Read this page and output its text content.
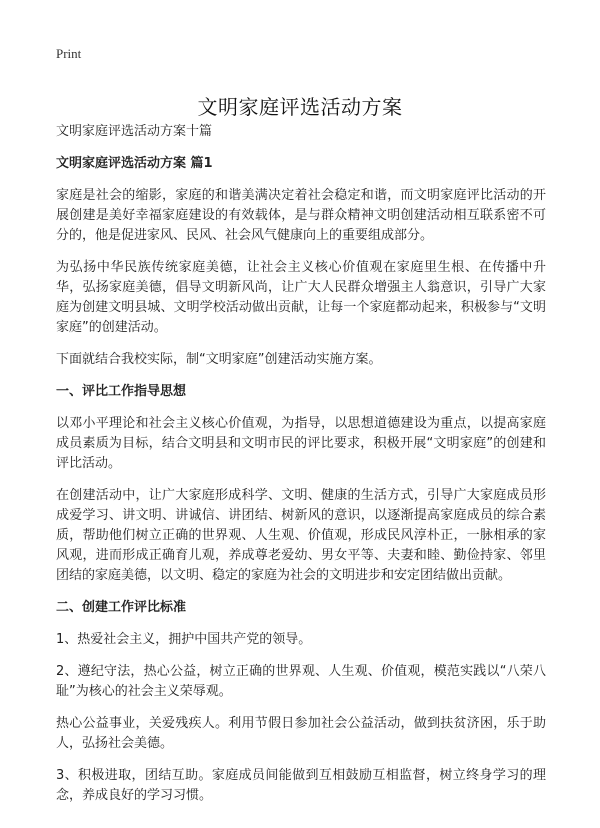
Print
文明家庭评选活动方案

文明家庭评选活动方案十篇

文明家庭评选活动方案 篇1

家庭是社会的缩影，家庭的和谐美满决定着社会稳定和谐，而文明家庭评比活动的开展创建是美好幸福家庭建设的有效载体，是与群众精神文明创建活动相互联系密不可分的，他是促进家风、民风、社会风气健康向上的重要组成部分。

为弘扬中华民族传统家庭美德，让社会主义核心价值观在家庭里生根、在传播中升华，弘扬家庭美德，倡导文明新风尚，让广大人民群众增强主人翁意识，引导广大家庭为创建文明县城、文明学校活动做出贡献，让每一个家庭都动起来，积极参与“文明家庭”的创建活动。

下面就结合我校实际，制“文明家庭”创建活动实施方案。

一、评比工作指导思想

以邓小平理论和社会主义核心价值观，为指导，以思想道德建设为重点，以提高家庭成员素质为目标，结合文明县和文明市民的评比要求，积极开展“文明家庭”的创建和评比活动。

在创建活动中，让广大家庭形成科学、文明、健康的生活方式，引导广大家庭成员形成爱学习、讲文明、讲诚信、讲团结、树新风的意识，以逐渐提高家庭成员的综合素质，帮助他们树立正确的世界观、人生观、价值观，形成民风淳朴正，一脉相承的家风观，进而形成正确育儿观，养成尊老爱幼、男女平等、夫妻和睦、勤俭持家、邻里团结的家庭美德，以文明、稳定的家庭为社会的文明进步和安定团结做出贡献。

二、创建工作评比标准

1、热爱社会主义，拥护中国共产党的领导。

2、遵纪守法，热心公益，树立正确的世界观、人生观、价值观，模范实践以“八荣八耻”为核心的社会主义荣辱观。

热心公益事业，关爱残疾人。利用节假日参加社会公益活动，做到扶贫济困，乐于助人，弘扬社会美德。

3、积极进取，团结互助。家庭成员间能做到互相鼓励互相监督，树立终身学习的理念，养成良好的学习习惯。
